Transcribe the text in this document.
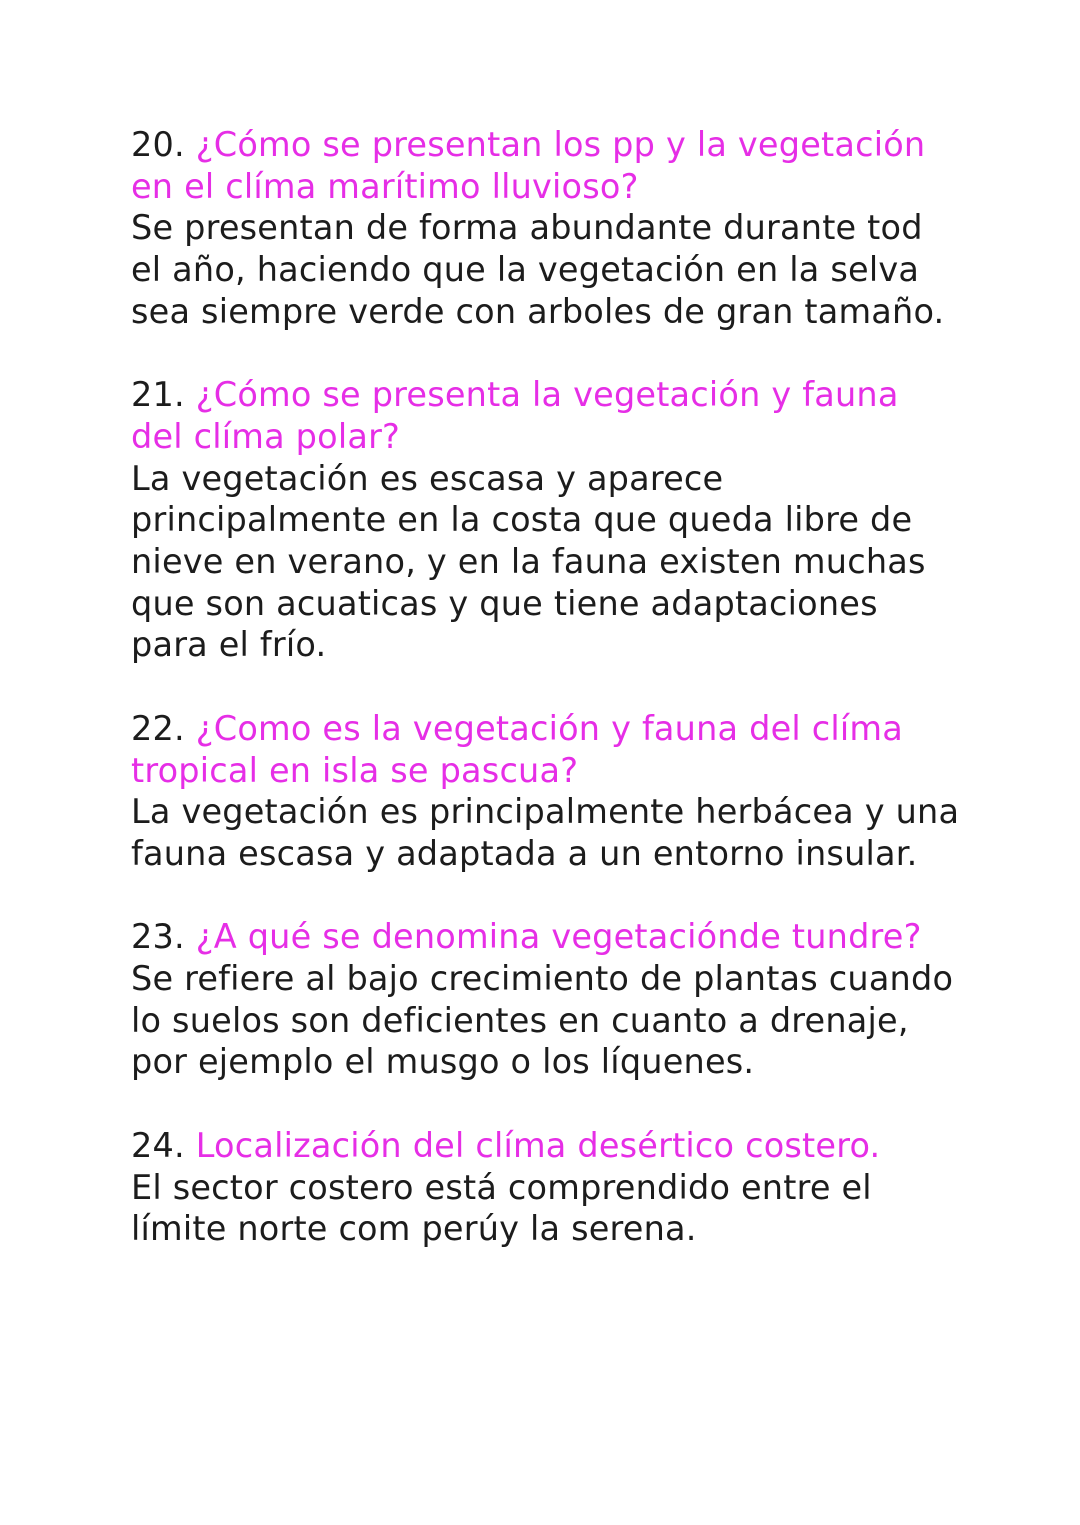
20. ¿Cómo se presentan los pp y la vegetación en el clíma marítimo lluvioso?

Se presentan de forma abundante durante tod el año, haciendo que la vegetación en la selva sea siempre verde con arboles de gran tamaño.

21. ¿Cómo se presenta la vegetación y fauna del clíma polar?

La vegetación es escasa y aparece principalmente en la costa que queda libre de nieve en verano, y en la fauna existen muchas que son acuaticas y que tiene adaptaciones para el frío.

22. ¿Como es la vegetación y fauna del clíma tropical en isla se pascua?

La vegetación es principalmente herbácea y una fauna escasa y adaptada a un entorno insular.

23. ¿A qué se denomina vegetaciónde tundre?

Se refiere al bajo crecimiento de plantas cuando lo suelos son deficientes en cuanto a drenaje, por ejemplo el musgo o los líquenes.

24. Localización del clíma desértico costero.

El sector costero está comprendido entre el límite norte com perúy la serena.
